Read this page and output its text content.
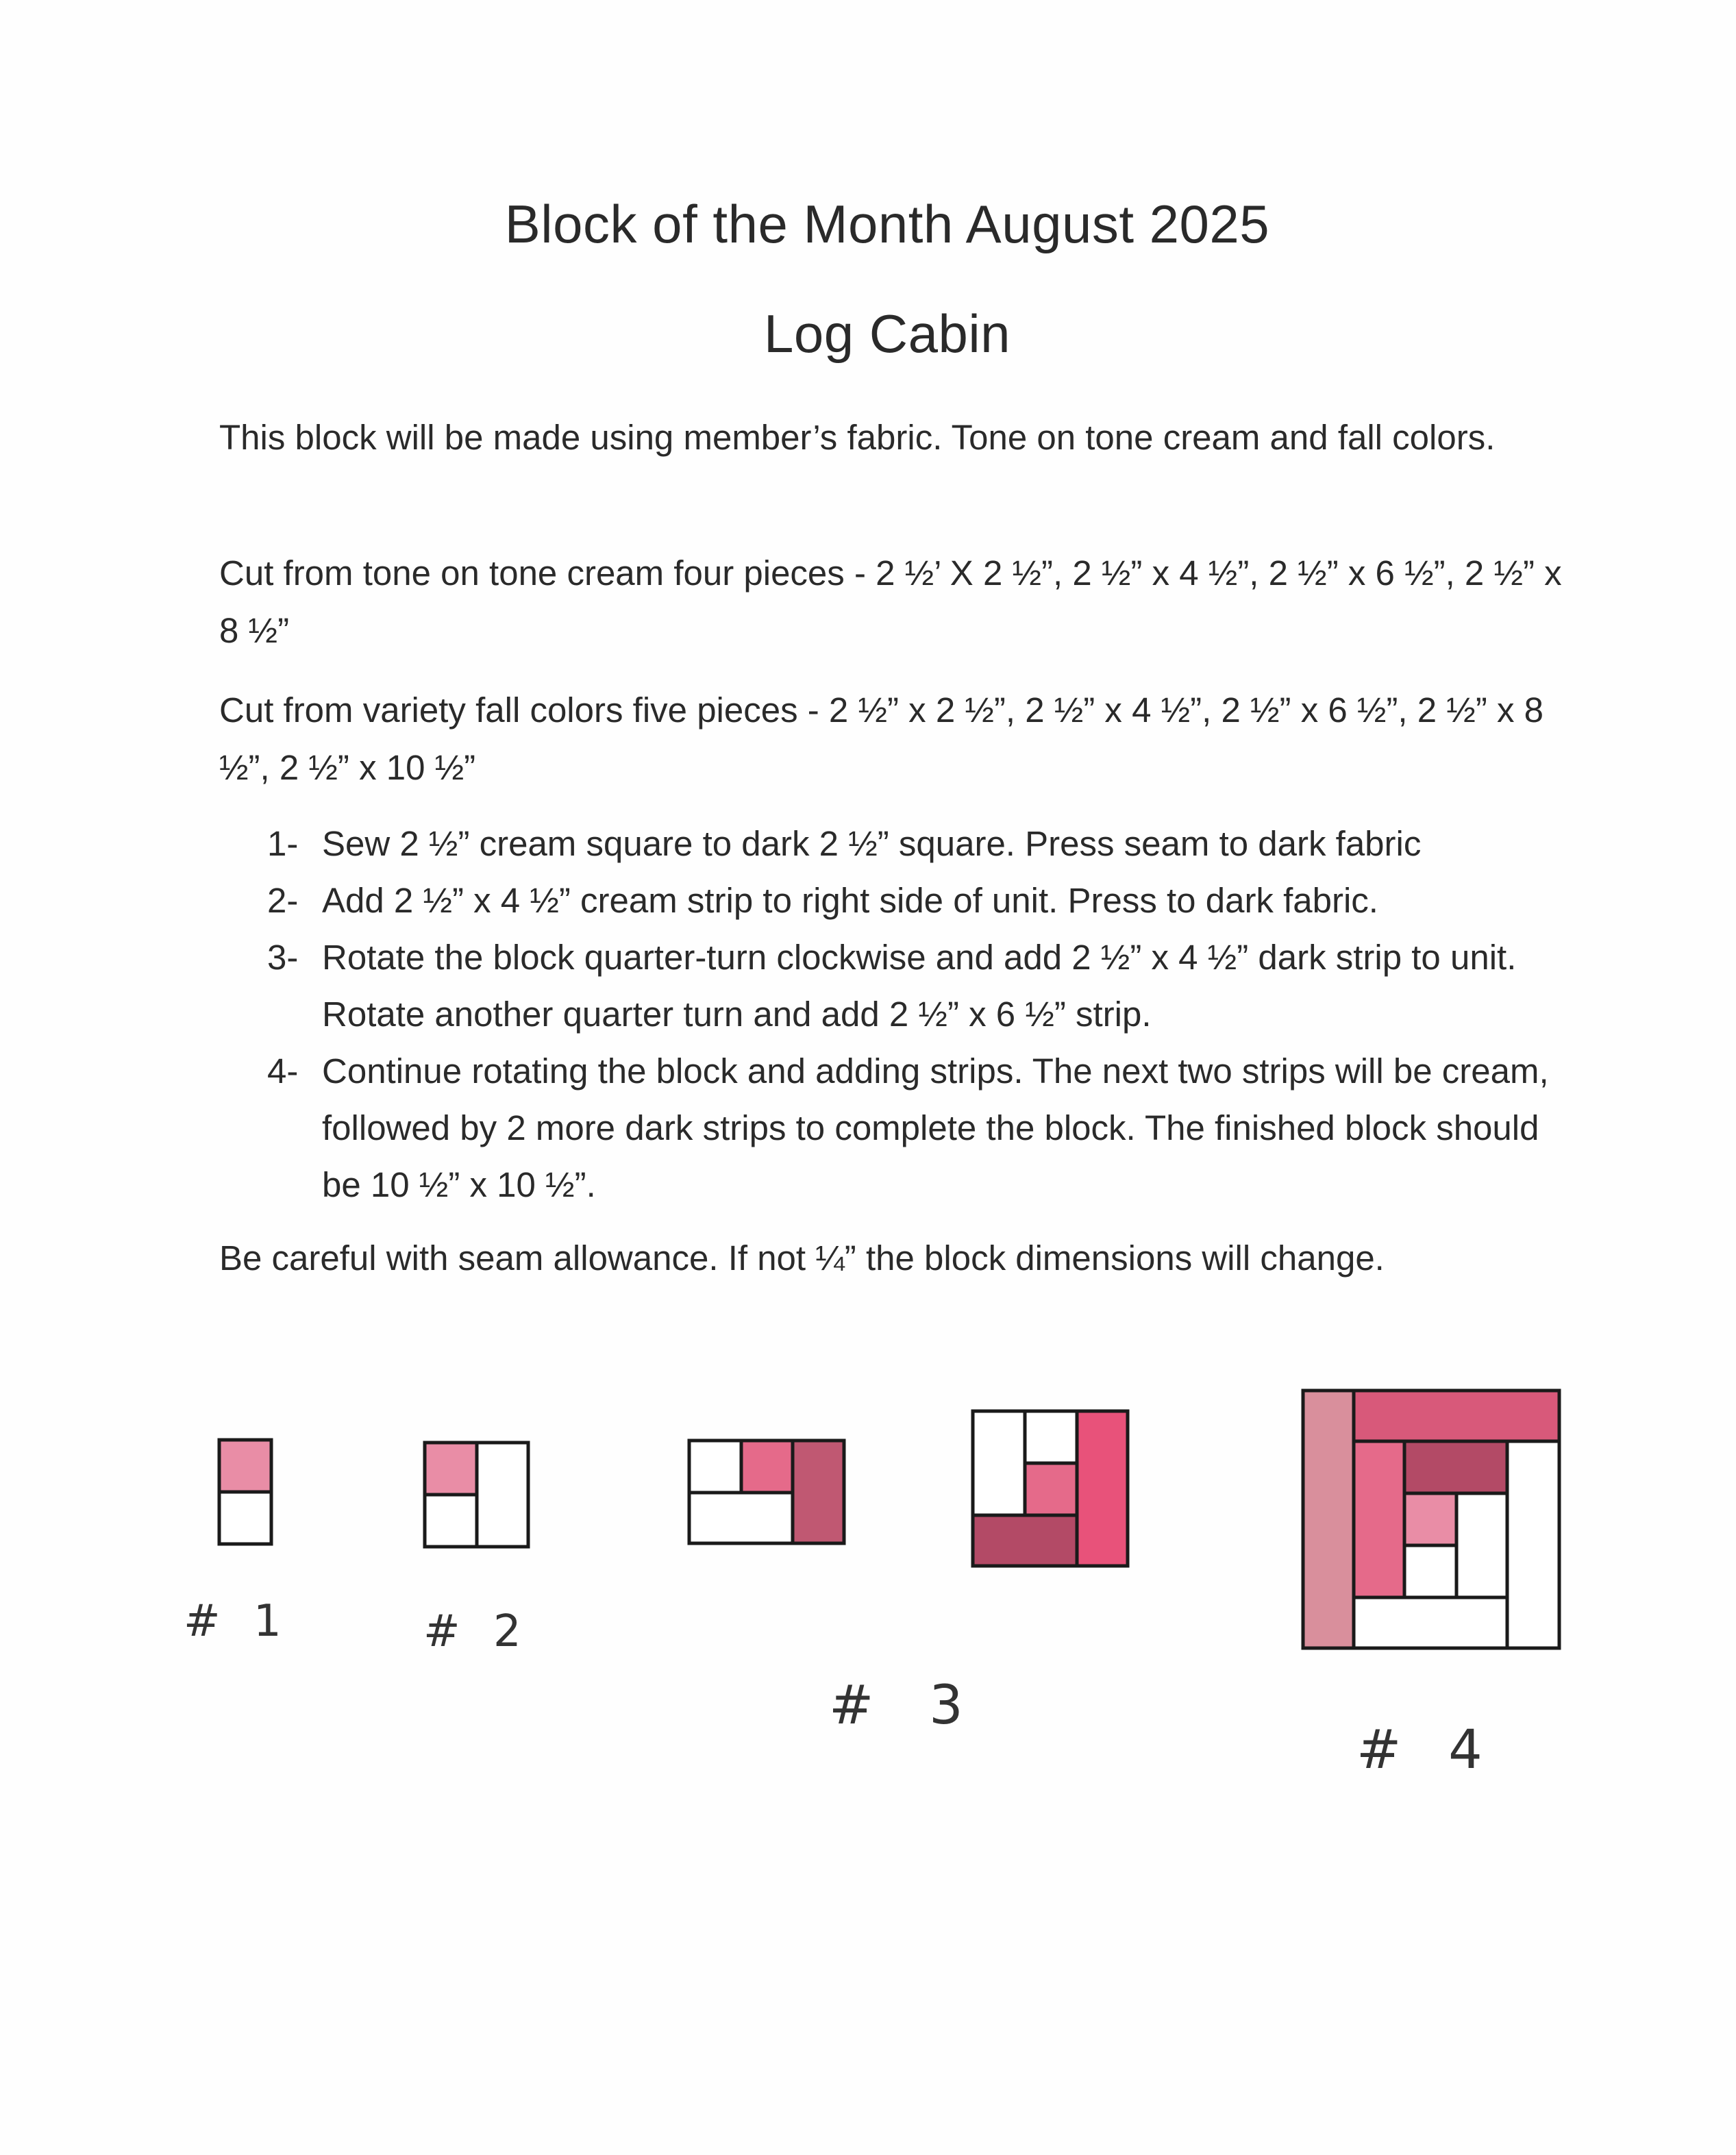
Block of the Month August 2025
Log Cabin

This block will be made using member’s fabric. Tone on tone cream and fall colors.

Cut from tone on tone cream four pieces - 2 ½’ X 2 ½”, 2 ½” x 4 ½”, 2 ½” x 6 ½”, 2 ½” x 8 ½”

Cut from variety fall colors five pieces - 2 ½” x 2 ½”, 2 ½” x 4 ½”, 2 ½” x 6 ½”, 2 ½” x 8 ½”, 2 ½” x 10 ½”

1- Sew 2 ½” cream square to dark 2 ½” square. Press seam to dark fabric
2- Add 2 ½” x 4 ½” cream strip to right side of unit. Press to dark fabric.
3- Rotate the block quarter-turn clockwise and add 2 ½” x 4 ½” dark strip to unit. Rotate another quarter turn and add 2 ½” x 6 ½” strip.
4- Continue rotating the block and adding strips. The next two strips will be cream, followed by 2 more dark strips to complete the block. The finished block should be 10 ½” x 10 ½”.

Be careful with seam allowance. If not ¼” the block dimensions will change.

# 1	# 2
# 3
# 4
